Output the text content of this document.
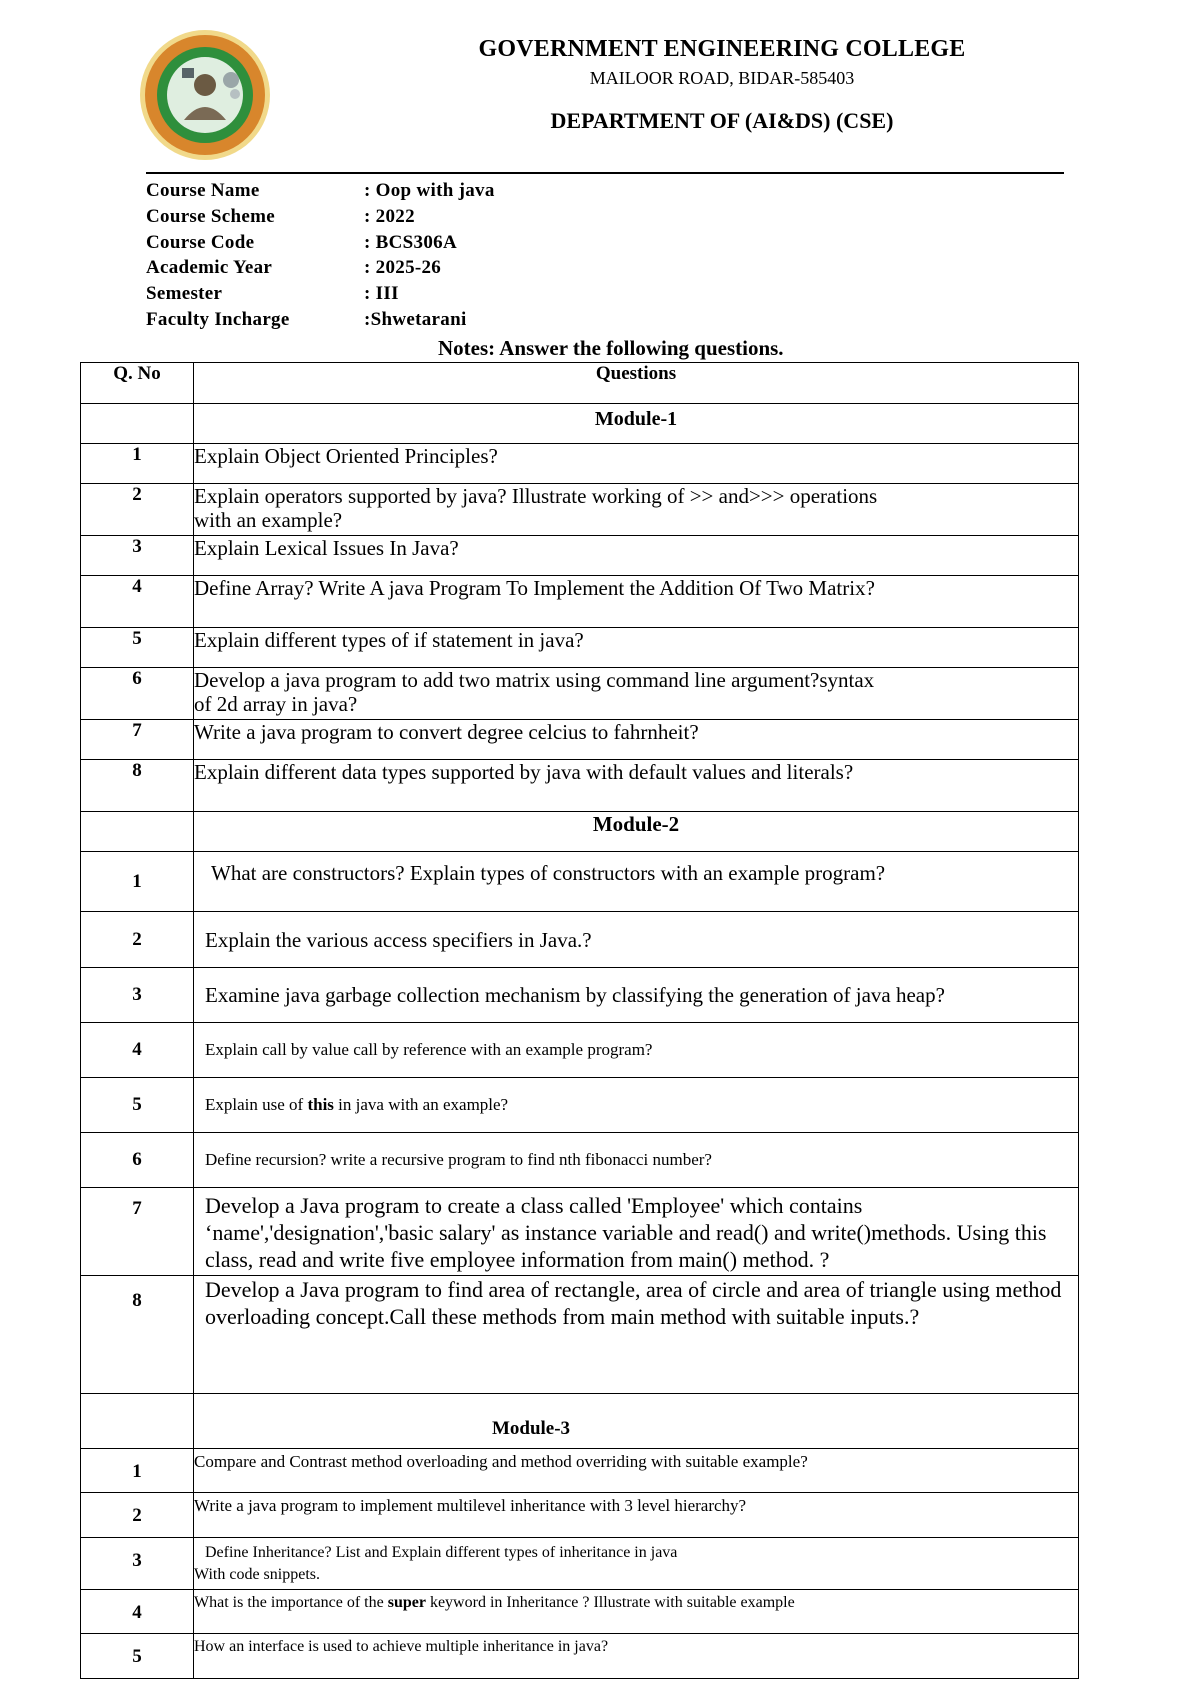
GOVERNMENT ENGINEERING COLLEGE
MAILOOR ROAD, BIDAR-585403
DEPARTMENT OF (AI&DS) (CSE)
Course Name	: Oop with java
Course Scheme	: 2022
Course Code	: BCS306A
Academic Year	: 2025-26
Semester	: III
Faculty Incharge	:Shwetarani
Notes: Answer the following questions.
Q. No	Questions
	Module-1
1	Explain Object Oriented Principles?
2	Explain operators supported by java? Illustrate working of >> and>>> operations with an example?
3	Explain Lexical Issues In Java?
4	Define Array? Write A java Program To Implement the Addition Of Two Matrix?
5	Explain different types of if statement in java?
6	Develop a java program to add two matrix using command line argument?syntax of 2d array in java?
7	Write a java program to convert degree celcius to fahrnheit?
8	Explain different data types supported by java with default values and literals?
	Module-2
1	What are constructors? Explain types of constructors with an example program?
2	Explain the various access specifiers in Java.?
3	Examine java garbage collection mechanism by classifying the generation of java heap?
4	Explain call by value call by reference with an example program?
5	Explain use of this in java with an example?
6	Define recursion? write a recursive program to find nth fibonacci number?
7	Develop a Java program to create a class called 'Employee' which contains ‘name','designation','basic salary' as instance variable and read() and write()methods. Using this class, read and write five employee information from main() method. ?
8	Develop a Java program to find area of rectangle, area of circle and area of triangle using method overloading concept.Call these methods from main method with suitable inputs.?
	Module-3
1	Compare and Contrast method overloading and method overriding with suitable example?
2	Write a java program to implement multilevel inheritance with 3 level hierarchy?
3	Define Inheritance? List and Explain different types of inheritance in java
With code snippets.

4	What is the importance of the super keyword in Inheritance ? Illustrate with suitable example
5	How an interface is used to achieve multiple inheritance in java?
